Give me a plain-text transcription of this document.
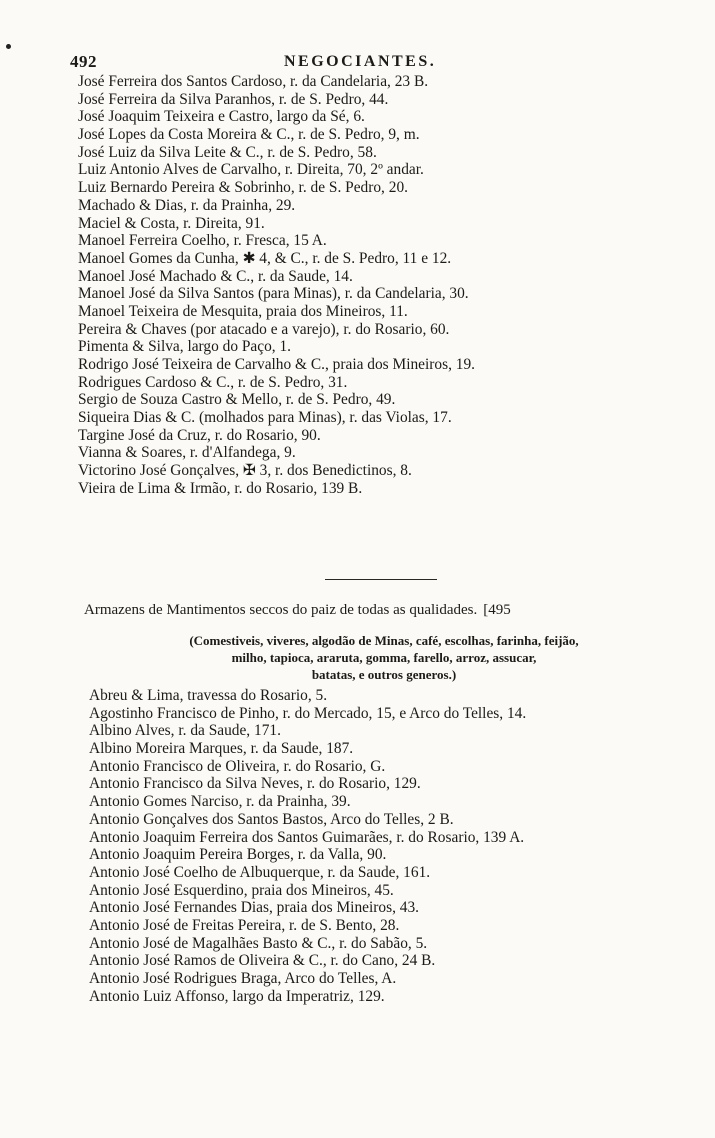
492	NEGOCIANTES.
José Ferreira dos Santos Cardoso, r. da Candelaria, 23 B.
José Ferreira da Silva Paranhos, r. de S. Pedro, 44.
José Joaquim Teixeira e Castro, largo da Sé, 6.
José Lopes da Costa Moreira & C., r. de S. Pedro, 9, m.
José Luiz da Silva Leite & C., r. de S. Pedro, 58.
Luiz Antonio Alves de Carvalho, r. Direita, 70, 2º andar.
Luiz Bernardo Pereira & Sobrinho, r. de S. Pedro, 20.
Machado & Dias, r. da Prainha, 29.
Maciel & Costa, r. Direita, 91.
Manoel Ferreira Coelho, r. Fresca, 15 A.
Manoel Gomes da Cunha, ✱ 4, & C., r. de S. Pedro, 11 e 12.
Manoel José Machado & C., r. da Saude, 14.
Manoel José da Silva Santos (para Minas), r. da Candelaria, 30.
Manoel Teixeira de Mesquita, praia dos Mineiros, 11.
Pereira & Chaves (por atacado e a varejo), r. do Rosario, 60.
Pimenta & Silva, largo do Paço, 1.
Rodrigo José Teixeira de Carvalho & C., praia dos Mineiros, 19.
Rodrigues Cardoso & C., r. de S. Pedro, 31.
Sergio de Souza Castro & Mello, r. de S. Pedro, 49.
Siqueira Dias & C. (molhados para Minas), r. das Violas, 17.
Targine José da Cruz, r. do Rosario, 90.
Vianna & Soares, r. d'Alfandega, 9.
Victorino José Gonçalves, ✠ 3, r. dos Benedictinos, 8.
Vieira de Lima & Irmão, r. do Rosario, 139 B.
Armazens de Mantimentos seccos do paiz de todas as qualidades. [495
(Comestiveis, viveres, algodão de Minas, café, escolhas, farinha, feijão,
milho, tapioca, araruta, gomma, farello, arroz, assucar,
batatas, e outros generos.)
Abreu & Lima, travessa do Rosario, 5.
Agostinho Francisco de Pinho, r. do Mercado, 15, e Arco do Telles, 14.
Albino Alves, r. da Saude, 171.
Albino Moreira Marques, r. da Saude, 187.
Antonio Francisco de Oliveira, r. do Rosario, G.
Antonio Francisco da Silva Neves, r. do Rosario, 129.
Antonio Gomes Narciso, r. da Prainha, 39.
Antonio Gonçalves dos Santos Bastos, Arco do Telles, 2 B.
Antonio Joaquim Ferreira dos Santos Guimarães, r. do Rosario, 139 A.
Antonio Joaquim Pereira Borges, r. da Valla, 90.
Antonio José Coelho de Albuquerque, r. da Saude, 161.
Antonio José Esquerdino, praia dos Mineiros, 45.
Antonio José Fernandes Dias, praia dos Mineiros, 43.
Antonio José de Freitas Pereira, r. de S. Bento, 28.
Antonio José de Magalhães Basto & C., r. do Sabão, 5.
Antonio José Ramos de Oliveira & C., r. do Cano, 24 B.
Antonio José Rodrigues Braga, Arco do Telles, A.
Antonio Luiz Affonso, largo da Imperatriz, 129.
